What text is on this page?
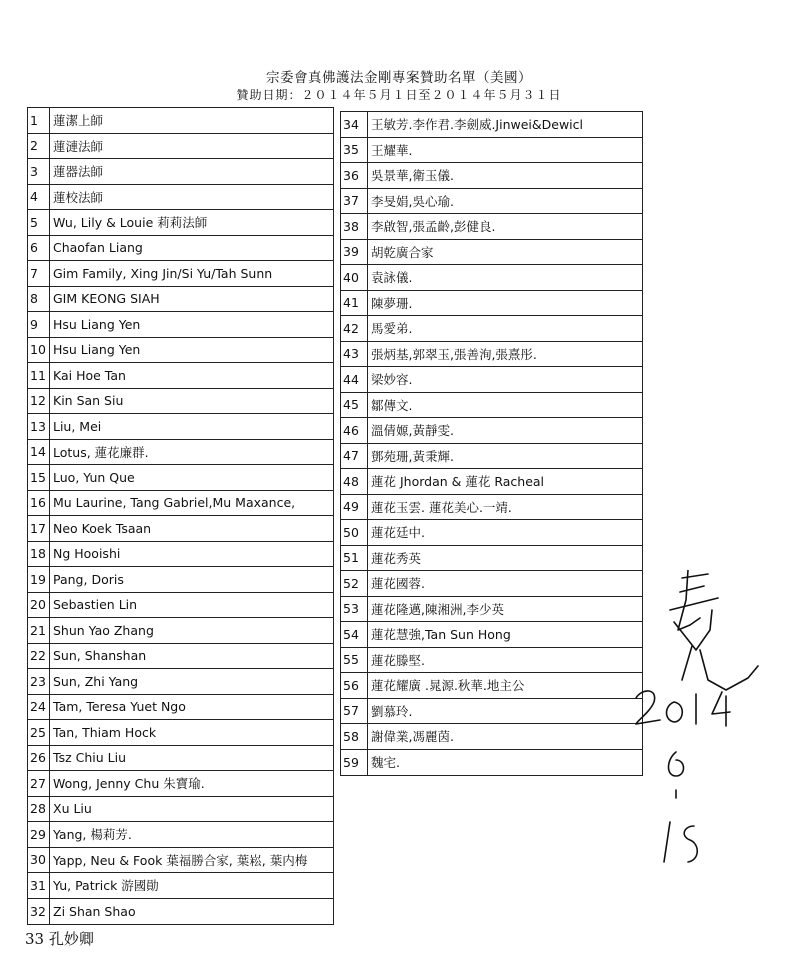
宗委會真佛護法金剛專案贊助名單（美國）
贊助日期：２０１４年５月１日至２０１４年５月３１日
1	蓮潔上師
2	蓮漣法師
3	蓮器法師
4	蓮校法師
5	Wu, Lily & Louie 莉莉法師
6	Chaofan Liang
7	Gim Family, Xing Jin/Si Yu/Tah Sunn
8	GIM KEONG SIAH
9	Hsu Liang Yen
10 Hsu Liang Yen
11 Kai Hoe Tan
12 Kin San Siu
13 Liu, Mei
14 Lotus, 蓮花廉群.
15 Luo, Yun Que
16 Mu Laurine, Tang Gabriel,Mu Maxance,
17 Neo Koek Tsaan
18 Ng Hooishi
19 Pang, Doris
20 Sebastien Lin
21 Shun Yao Zhang
22 Sun, Shanshan
23 Sun, Zhi Yang
24 Tam, Teresa Yuet Ngo
25 Tan, Thiam Hock
26 Tsz Chiu Liu
27 Wong, Jenny Chu 朱寶瑜.
28 Xu Liu
29 Yang, 楊莉芳.
30 Yapp, Neu & Fook 葉福勝合家, 葉崧, 葉内梅
31 Yu, Patrick 游國勛
32 Zi Shan Shao
34 王敏芳.李作君.李劍威.Jinwei&Dewicl
35 王耀華.
36 吳景華,衛玉儀.
37 李旻娟,吳心瑜.
38 李啟智,張孟齡,彭健良.
39 胡乾廣合家
40 袁詠儀.
41 陳夢珊.
42 馬愛弟.
43 張炳基,郭翠玉,張善洵,張熹彤.
44 梁妙容.
45 鄒傳文.
46 溫倩嫄,黃靜雯.
47 鄧苑珊,黃秉輝.
48 蓮花 Jhordan & 蓮花 Racheal
49 蓮花玉雲. 蓮花美心.一靖.
50 蓮花廷中.
51 蓮花秀英
52 蓮花國蓉.
53 蓮花隆邁,陳湘洲,李少英
54 蓮花慧強,Tan Sun Hong
55 蓮花滕堅.
56 蓮花耀廣 .晁源.秋華.地主公
57 劉慕玲.
58 謝偉業,馮麗茵.
59 魏宅.
33 孔妙卿
